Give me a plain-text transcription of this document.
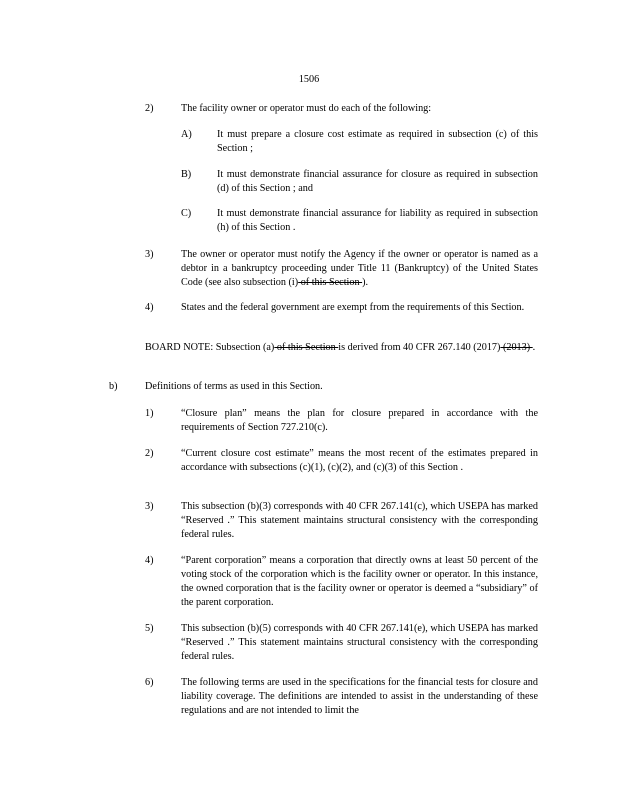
1506
2)	The facility owner or operator must do each of the following:
A) It must prepare a closure cost estimate as required in subsection (c) of this Section ;
B)	It must demonstrate financial assurance for closure as required in subsection (d) of this Section ; and
C)	It must demonstrate financial assurance for liability as required in subsection (h) of this Section .
3)	The owner or operator must notify the Agency if the owner or operator is named as a debtor in a bankruptcy proceeding under Title 11 (Bankruptcy) of the United States Code (see also subsection (i) of this Section ).
4)	States and the federal government are exempt from the requirements of this Section.
BOARD NOTE: Subsection (a) of this Section is derived from 40 CFR 267.140 (2017) (2013) .
b)	Definitions of terms as used in this Section.
1)	“Closure plan” means the plan for closure prepared in accordance with the requirements of Section 727.210(c).
2)	“Current closure cost estimate” means the most recent of the estimates prepared in accordance with subsections (c)(1), (c)(2), and (c)(3) of this Section .
3)	This subsection (b)(3) corresponds with 40 CFR 267.141(c), which USEPA has marked “Reserved .” This statement maintains structural consistency with the corresponding federal rules.
4)	“Parent corporation” means a corporation that directly owns at least 50 percent of the voting stock of the corporation which is the facility owner or operator. In this instance, the owned corporation that is the facility owner or operator is deemed a “subsidiary” of the parent corporation.
5)	This subsection (b)(5) corresponds with 40 CFR 267.141(e), which USEPA has marked “Reserved .” This statement maintains structural consistency with the corresponding federal rules.
6)	The following terms are used in the specifications for the financial tests for closure and liability coverage. The definitions are intended to assist in the understanding of these regulations and are not intended to limit the
